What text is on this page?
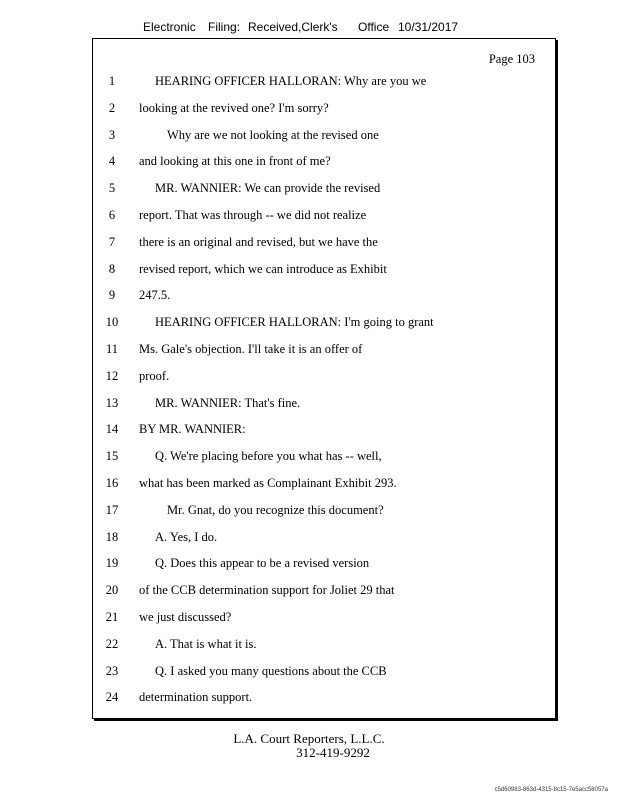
Electronic Filing: Received,Clerk's Office 10/31/2017
Page 103
1	HEARING OFFICER HALLORAN: Why are you we
2	looking at the revived one? I'm sorry?
3	Why are we not looking at the revised one
4	and looking at this one in front of me?
5	MR. WANNIER: We can provide the revised
6	report. That was through -- we did not realize
7	there is an original and revised, but we have the
8	revised report, which we can introduce as Exhibit
9	247.5.
10	HEARING OFFICER HALLORAN: I'm going to grant
11	Ms. Gale's objection. I'll take it is an offer of
12	proof.
13	MR. WANNIER: That's fine.
14	BY MR. WANNIER:
15	Q. We're placing before you what has -- well,
16	what has been marked as Complainant Exhibit 293.
17	Mr. Gnat, do you recognize this document?
18	A. Yes, I do.
19	Q. Does this appear to be a revised version
20	of the CCB determination support for Joliet 29 that
21	we just discussed?
22	A. That is what it is.
23	Q. I asked you many questions about the CCB
24	determination support.
L.A. Court Reporters, L.L.C.
312-419-9292
c5d60983-863d-4315-8c15-7e5acc58057a
